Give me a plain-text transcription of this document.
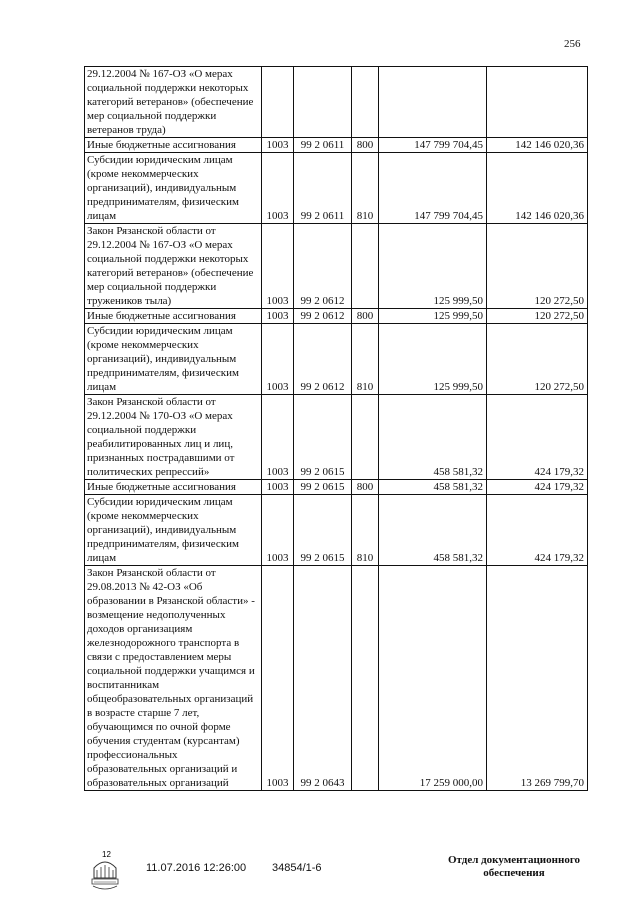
256
29.12.2004 № 167-ОЗ «О мерах социальной поддержки некоторых категорий ветеранов» (обеспечение мер социальной поддержки ветеранов труда)					
Иные бюджетные ассигнования	1003	99 2 0611	800	147 799 704,45	142 146 020,36
Субсидии юридическим лицам (кроме некоммерческих организаций), индивидуальным предпринимателям, физическим лицам	1003	99 2 0611	810	147 799 704,45	142 146 020,36
Закон Рязанской области от 29.12.2004 № 167-ОЗ «О мерах социальной поддержки некоторых категорий ветеранов» (обеспечение мер социальной поддержки тружеников тыла)	1003	99 2 0612		125 999,50	120 272,50
Иные бюджетные ассигнования	1003	99 2 0612	800	125 999,50	120 272,50
Субсидии юридическим лицам (кроме некоммерческих организаций), индивидуальным предпринимателям, физическим лицам	1003	99 2 0612	810	125 999,50	120 272,50
Закон Рязанской области от 29.12.2004 № 170-ОЗ «О мерах социальной поддержки реабилитированных лиц и лиц, признанных пострадавшими от политических репрессий»	1003	99 2 0615		458 581,32	424 179,32
Иные бюджетные ассигнования	1003	99 2 0615	800	458 581,32	424 179,32
Субсидии юридическим лицам (кроме некоммерческих организаций), индивидуальным предпринимателям, физическим лицам	1003	99 2 0615	810	458 581,32	424 179,32
Закон Рязанской области от 29.08.2013 № 42-ОЗ «Об образовании в Рязанской области» - возмещение недополученных доходов организациям железнодорожного транспорта в связи с предоставлением меры социальной поддержки учащимся и воспитанникам общеобразовательных организаций в возрасте старше 7 лет, обучающимся по очной форме обучения студентам (курсантам) профессиональных образовательных организаций и образовательных организаций	1003	99 2 0643		17 259 000,00	13 269 799,70
12
11.07.2016 12:26:00 34854/1-6
Отдел документационного обеспечения
